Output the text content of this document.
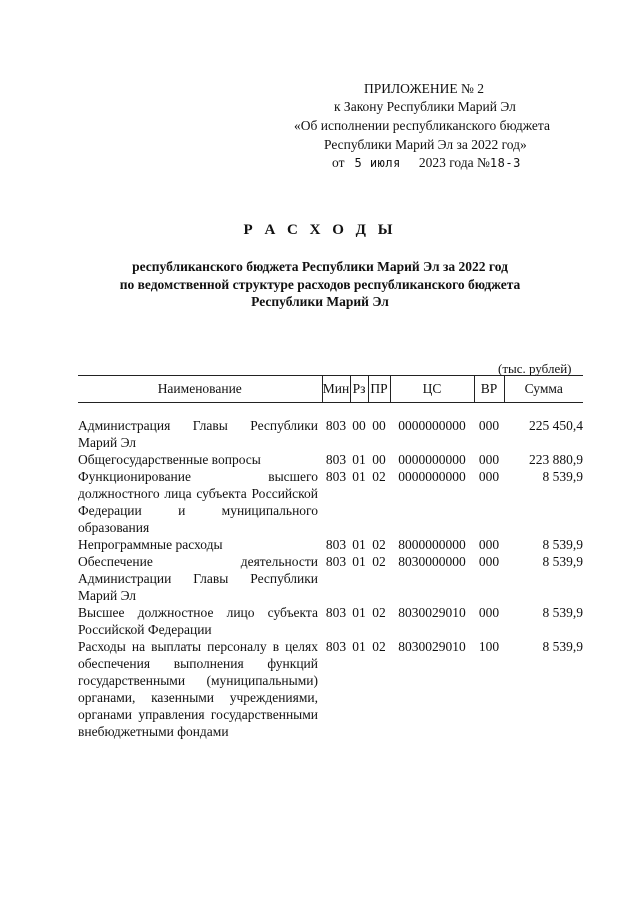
ПРИЛОЖЕНИЕ № 2
к Закону Республики Марий Эл
«Об исполнении республиканского бюджета
Республики Марий Эл за 2022 год»
от 5 июля 2023 года №18-З
Р А С Х О Д Ы
республиканского бюджета Республики Марий Эл за 2022 год
по ведомственной структуре расходов республиканского бюджета
Республики Марий Эл
(тыс. рублей)
Наименование	Мин	Рз	ПР	ЦС	ВР	Сумма

Администрация Главы Республики Марий Эл	803	00	00	0000000000	000	225 450,4
Общегосударственные вопросы	803	01	00	0000000000	000	223 880,9
Функционирование высшего должностного лица субъекта Российской Федерации и муниципального образования	803	01	02	0000000000	000	8 539,9
Непрограммные расходы	803	01	02	8000000000	000	8 539,9
Обеспечение деятельности Администрации Главы Республики Марий Эл	803	01	02	8030000000	000	8 539,9
Высшее должностное лицо субъекта Российской Федерации	803	01	02	8030029010	000	8 539,9
Расходы на выплаты персоналу в целях обеспечения выполнения функций государственными (муниципальными) органами, казенными учреждениями, органами управления государственными внебюджетными фондами	803	01	02	8030029010	100	8 539,9
